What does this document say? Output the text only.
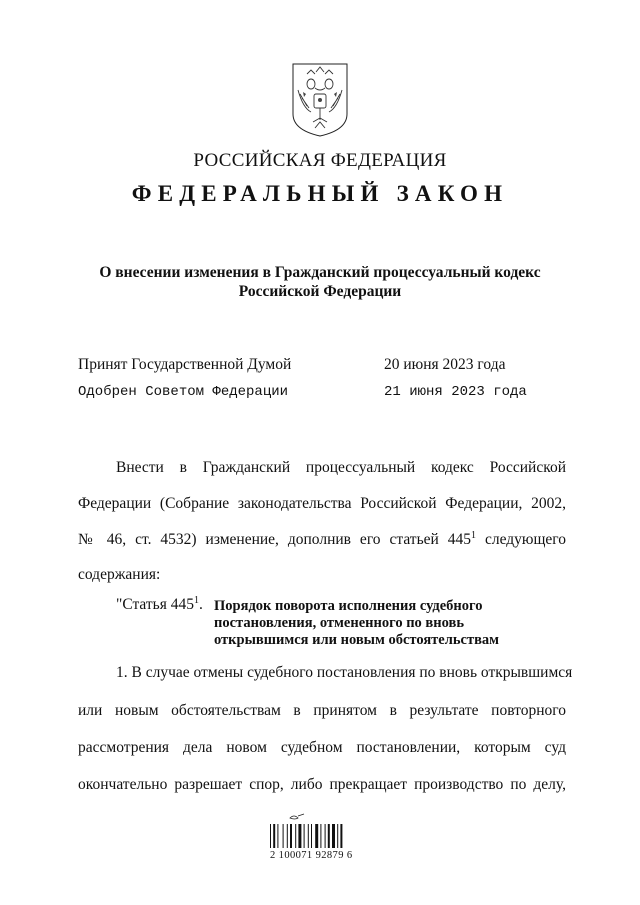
РОССИЙСКАЯ ФЕДЕРАЦИЯ
ФЕДЕРАЛЬНЫЙ ЗАКОН
О внесении изменения в Гражданский процессуальный кодекс
Российской Федерации
Принят Государственной Думой	20 июня 2023 года
Одобрен Советом Федерации	21 июня 2023 года
Внести в Гражданский процессуальный кодекс Российской
Федерации (Собрание законодательства Российской Федерации, 2002,
№ 46, ст. 4532) изменение, дополнив его статьей $445^1$ следующего
содержания:
"Статья $445^1$. Порядок поворота исполнения судебного
постановления, отмененного по вновь
открывшимся или новым обстоятельствам
1. В случае отмены судебного постановления по вновь открывшимся
или новым обстоятельствам в принятом в результате повторного
рассмотрения дела новом судебном постановлении, которым суд
окончательно разрешает спор, либо прекращает производство по делу,
2 100071 92879 6
